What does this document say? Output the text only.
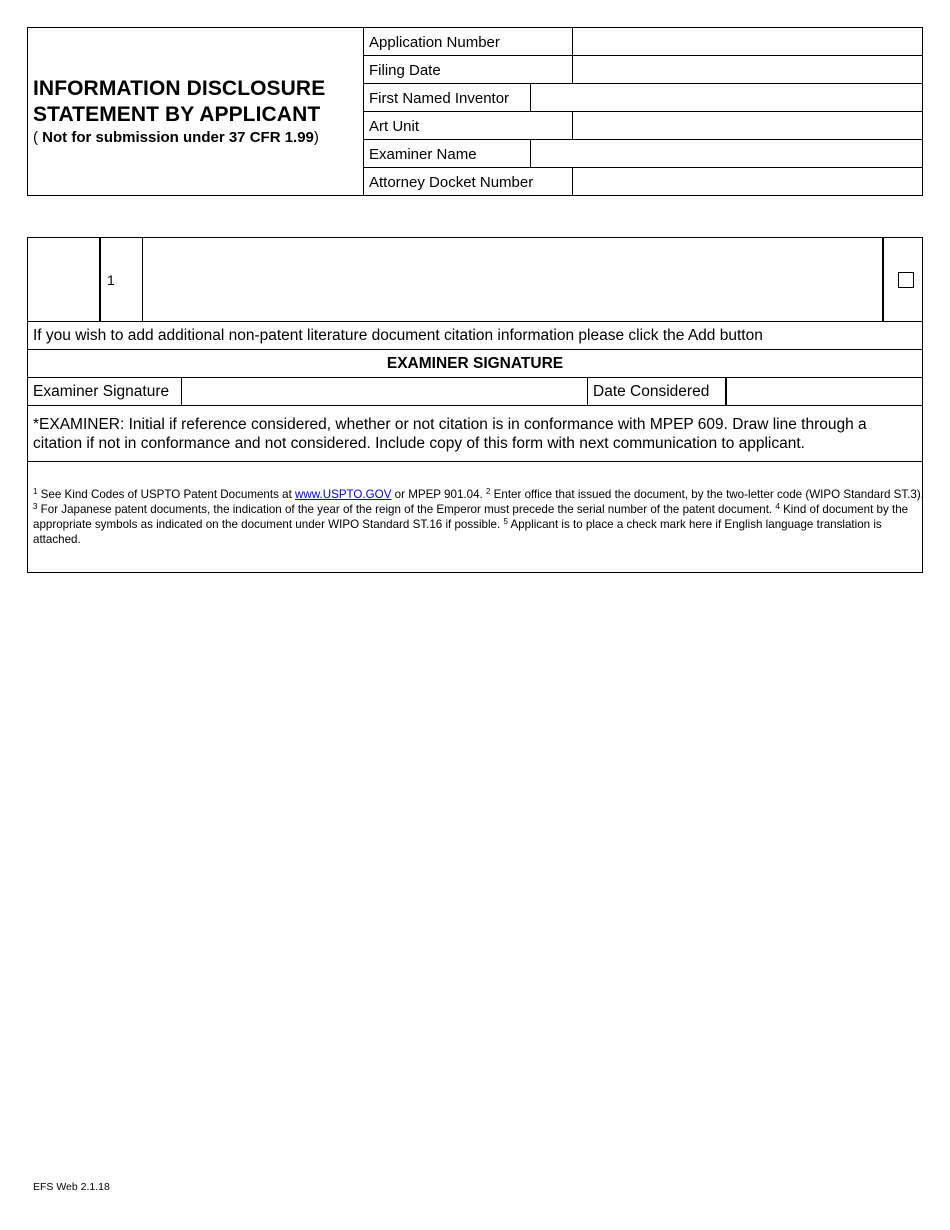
INFORMATION DISCLOSURE
STATEMENT BY APPLICANT
( Not for submission under 37 CFR 1.99)
Application Number
Filing Date
First Named Inventor
Art Unit
Examiner Name
Attorney Docket Number
1
If you wish to add additional non-patent literature document citation information please click the Add button
EXAMINER SIGNATURE
Examiner Signature	Date Considered
*EXAMINER: Initial if reference considered, whether or not citation is in conformance with MPEP 609. Draw line through a
citation if not in conformance and not considered. Include copy of this form with next communication to applicant.
$^1$ See Kind Codes of USPTO Patent Documents at www.USPTO.GOV or MPEP 901.04. $^2$ Enter office that issued the document, by the two-letter code (WIPO Standard ST.3). $^3$ For Japanese patent documents, the indication of the year of the reign of the Emperor must precede the serial number of the patent document. $^4$ Kind of document by the appropriate symbols as indicated on the document under WIPO Standard ST.16 if possible. $^5$ Applicant is to place a check mark here if English language translation is attached.
EFS Web 2.1.18
